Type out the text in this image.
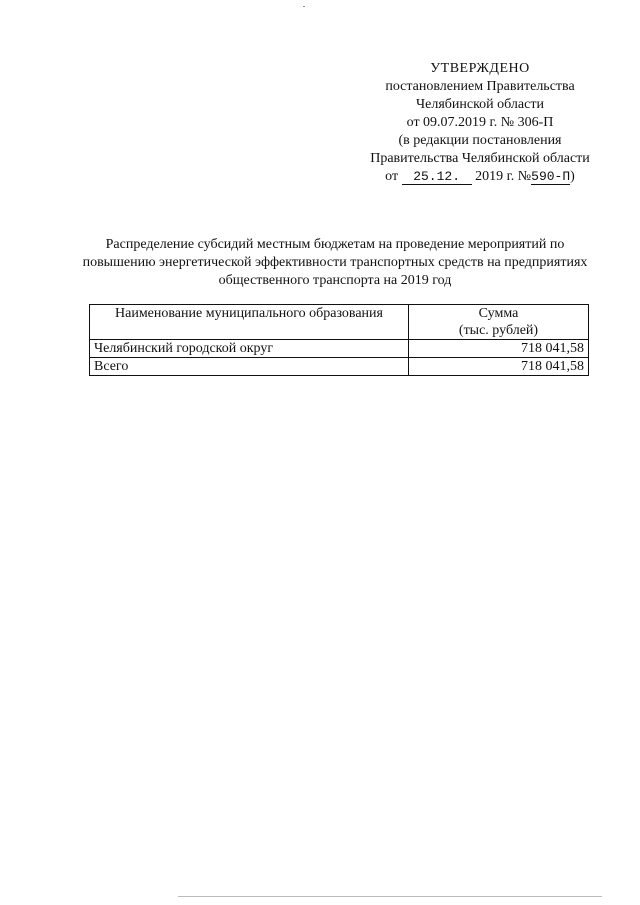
УТВЕРЖДЕНО
постановлением Правительства
Челябинской области
от 09.07.2019 г. № 306-П
(в редакции постановления
Правительства Челябинской области
от 25.12. 2019 г. №590-П)
Распределение субсидий местным бюджетам на проведение мероприятий по повышению энергетической эффективности транспортных средств на предприятиях общественного транспорта на 2019 год
Наименование муниципального образования	Сумма
(тыс. рублей)

Челябинский городской округ	718 041,58
Всего	718 041,58
